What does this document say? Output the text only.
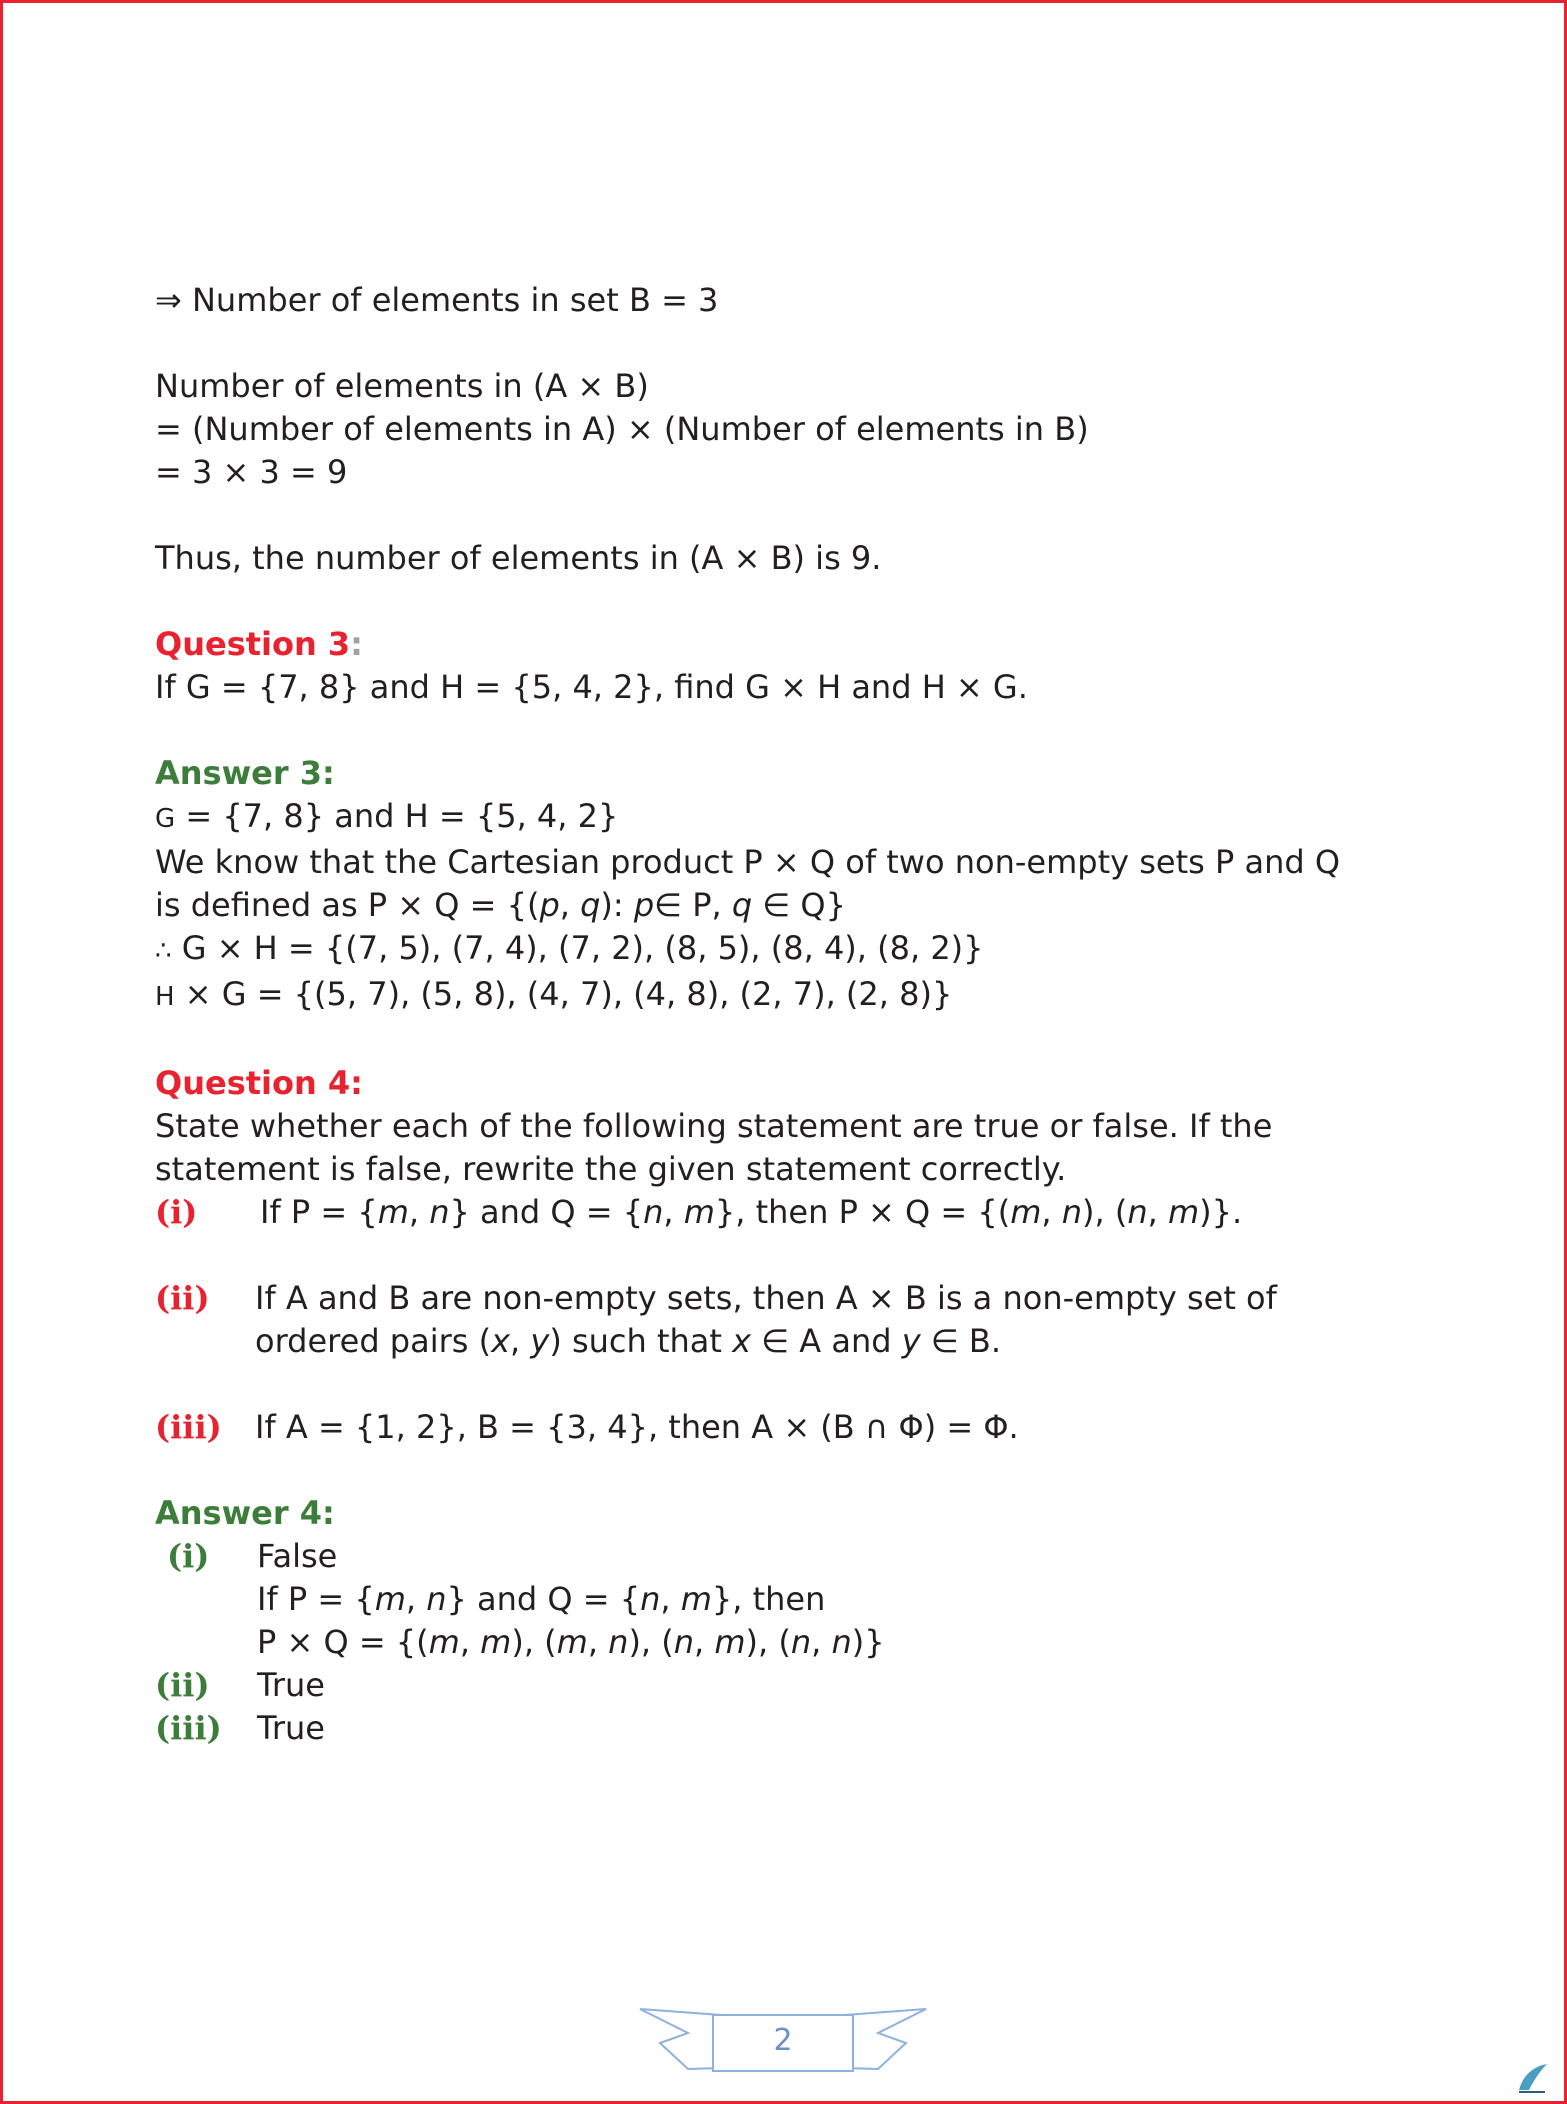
⇒ Number of elements in set B = 3
Number of elements in (A × B)
= (Number of elements in A) × (Number of elements in B)
= 3 × 3 = 9
Thus, the number of elements in (A × B) is 9.
Question 3:
If G = {7, 8} and H = {5, 4, 2}, find G × H and H × G.
Answer 3:
G = {7, 8} and H = {5, 4, 2}
We know that the Cartesian product P × Q of two non-empty sets P and Q
is defined as P × Q = {(p, q): p∈ P, q ∈ Q}
∴ G × H = {(7, 5), (7, 4), (7, 2), (8, 5), (8, 4), (8, 2)}
H × G = {(5, 7), (5, 8), (4, 7), (4, 8), (2, 7), (2, 8)}
Question 4:
State whether each of the following statement are true or false. If the
statement is false, rewrite the given statement correctly.
(i)	If P = {m, n} and Q = {n, m}, then P × Q = {(m, n), (n, m)}.
(ii)	If A and B are non-empty sets, then A × B is a non-empty set of
ordered pairs (x, y) such that x ∈ A and y ∈ B.
(iii)	If A = {1, 2}, B = {3, 4}, then A × (B ∩ Φ) = Φ.
Answer 4:
(i)	False
If P = {m, n} and Q = {n, m}, then
P × Q = {(m, m), (m, n), (n, m), (n, n)}
(ii)	True
(iii)	True
2
